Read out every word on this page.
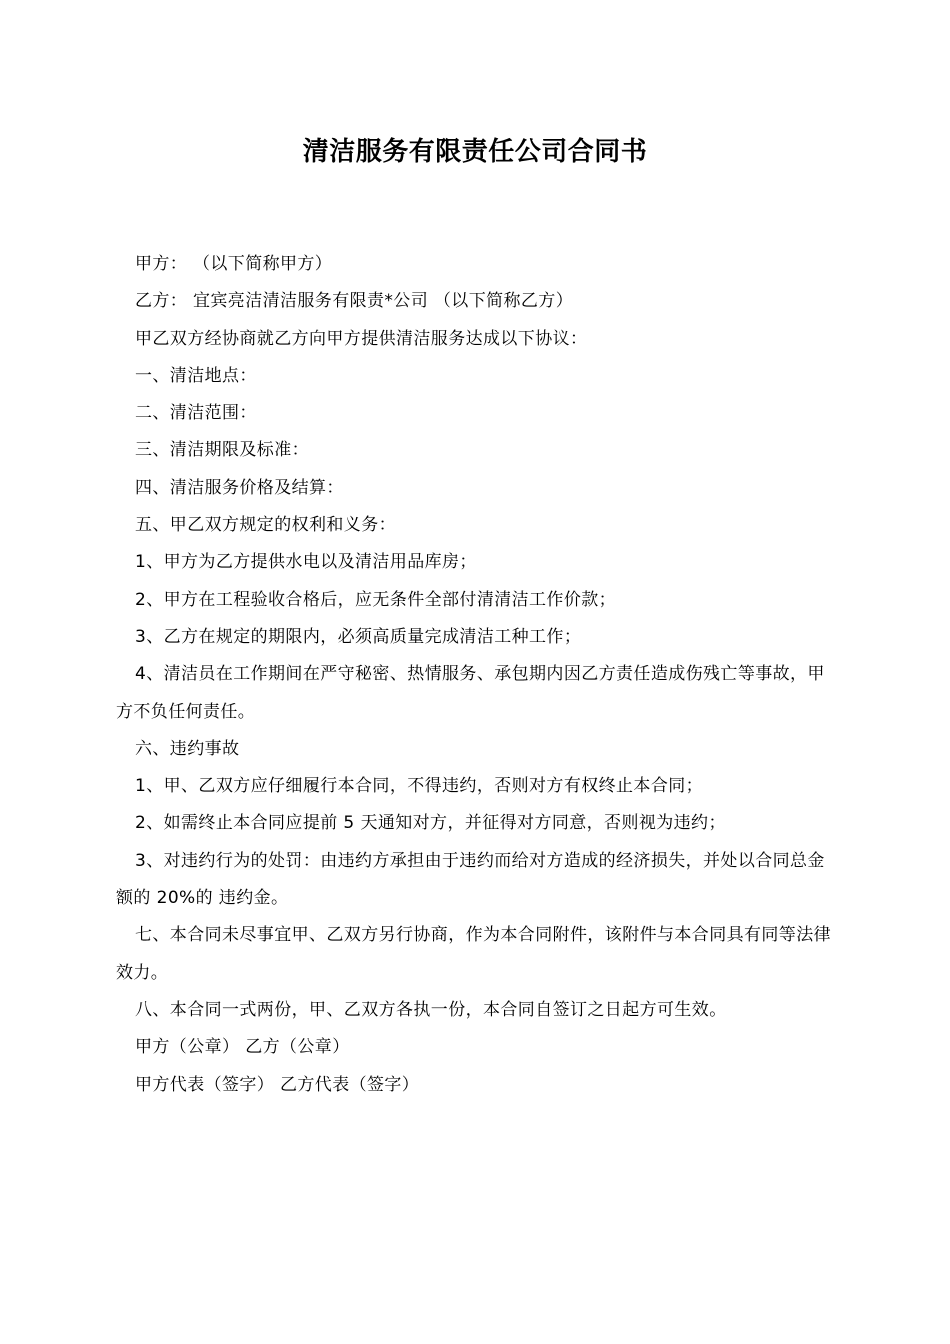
清洁服务有限责任公司合同书

甲方： （以下简称甲方）

乙方： 宜宾亮洁清洁服务有限责*公司 （以下简称乙方）

甲乙双方经协商就乙方向甲方提供清洁服务达成以下协议：

一、清洁地点：

二、清洁范围：

三、清洁期限及标准：

四、清洁服务价格及结算：

五、甲乙双方规定的权利和义务：

1、甲方为乙方提供水电以及清洁用品库房；

2、甲方在工程验收合格后，应无条件全部付清清洁工作价款；

3、乙方在规定的期限内，必须高质量完成清洁工种工作；

4、清洁员在工作期间在严守秘密、热情服务、承包期内因乙方责任造成伤残亡等事故，甲方不负任何责任。

六、违约事故

1、甲、乙双方应仔细履行本合同，不得违约，否则对方有权终止本合同；

2、如需终止本合同应提前 5 天通知对方，并征得对方同意，否则视为违约；

3、对违约行为的处罚：由违约方承担由于违约而给对方造成的经济损失，并处以合同总金额的 20%的 违约金。

七、本合同未尽事宜甲、乙双方另行协商，作为本合同附件，该附件与本合同具有同等法律效力。

八、本合同一式两份，甲、乙双方各执一份，本合同自签订之日起方可生效。

甲方（公章） 乙方（公章）

甲方代表（签字） 乙方代表（签字）
